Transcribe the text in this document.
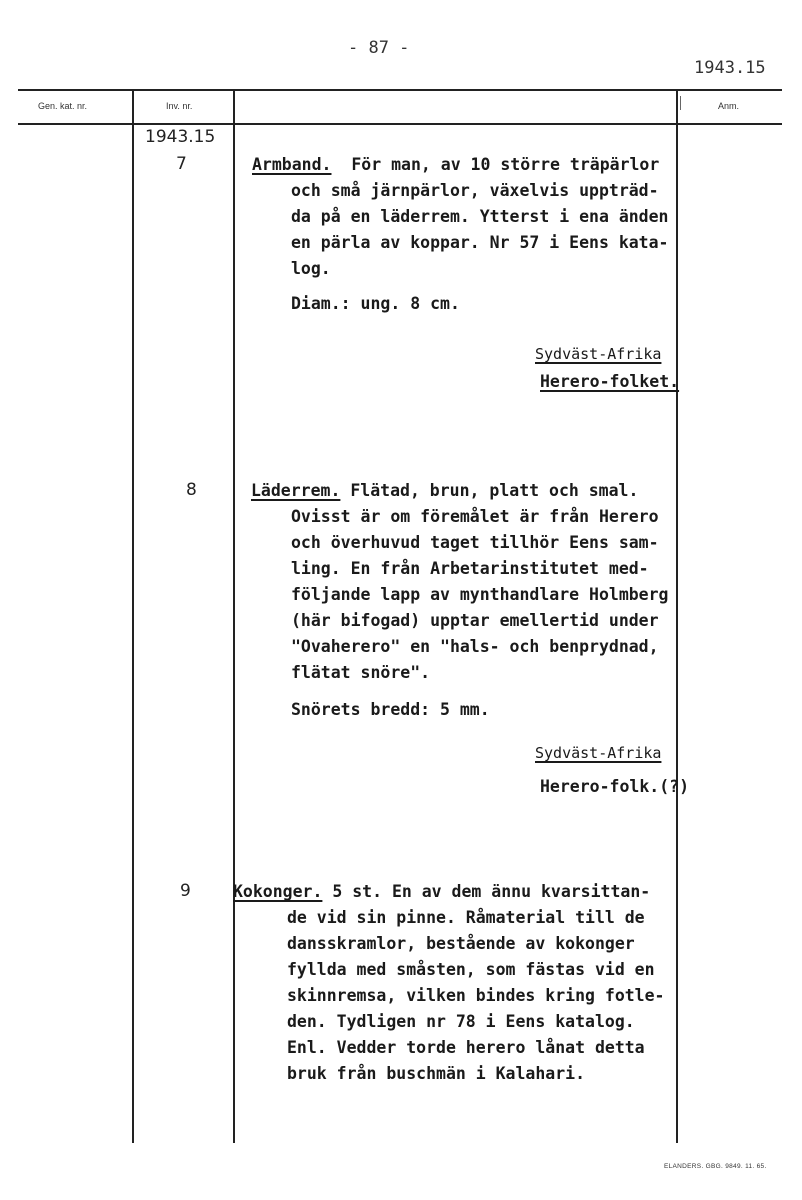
- 87 -
1943.15
Gen. kat. nr.	Inv. nr.	Anm.
1943.15
7	Armband.  För man, av 10 större träpärlor
och små järnpärlor, växelvis uppträd-
da på en läderrem. Ytterst i ena änden
en pärla av koppar. Nr 57 i Eens kata-
log.
Diam.: ung. 8 cm.
Sydväst-Afrika
Herero-folket.
8	Läderrem. Flätad, brun, platt och smal.
Ovisst är om föremålet är från Herero
och överhuvud taget tillhör Eens sam-
ling. En från Arbetarinstitutet med-
följande lapp av mynthandlare Holmberg
(här bifogad) upptar emellertid under
"Ovaherero" en "hals- och benprydnad,
flätat snöre".
Snörets bredd: 5 mm.
Sydväst-Afrika
Herero-folk.(?)
9	Kokonger. 5 st. En av dem ännu kvarsittan-
de vid sin pinne. Råmaterial till de
dansskramlor, bestående av kokonger
fyllda med småsten, som fästas vid en
skinnremsa, vilken bindes kring fotle-
den. Tydligen nr 78 i Eens katalog.
Enl. Vedder torde herero lånat detta
bruk från buschmän i Kalahari.
ELANDERS. GBG. 9849. 11. 65.
